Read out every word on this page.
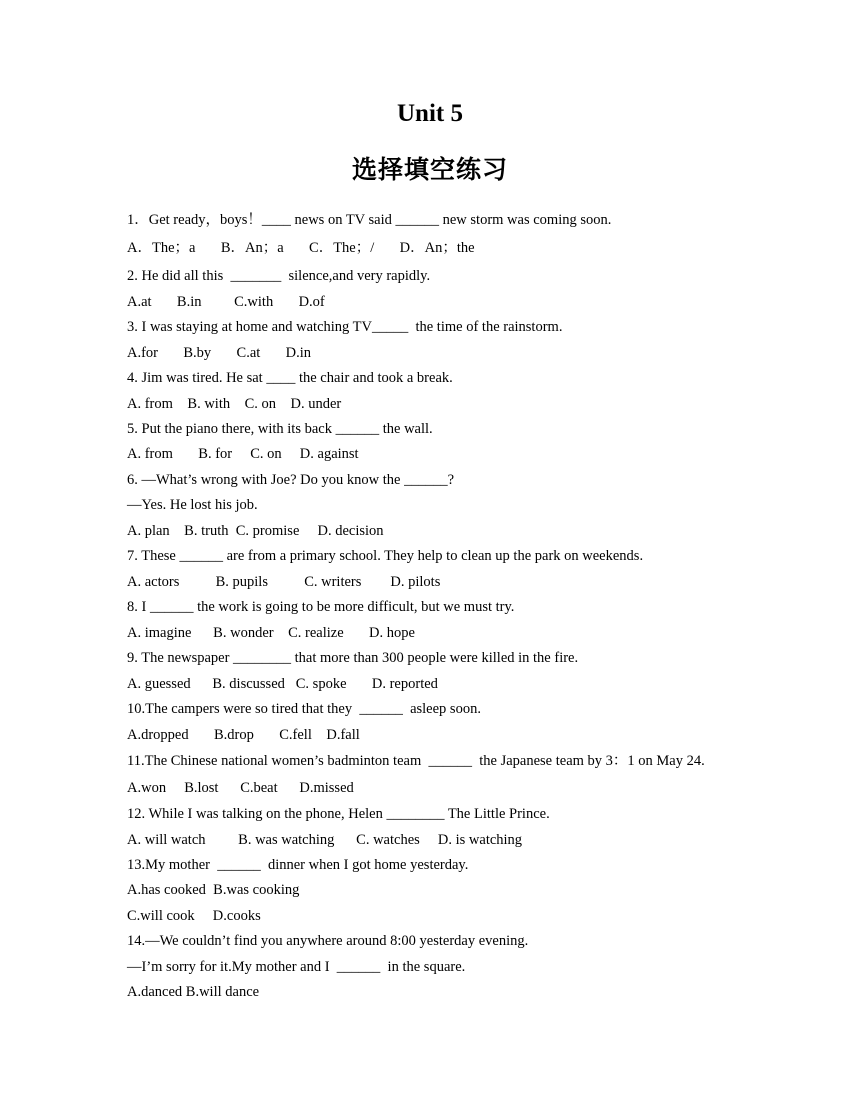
Unit 5
选择填空练习
1．Get ready，boys！____ news on TV said ______ new storm was coming soon.
A．The；a       B．An；a       C．The；/       D．An；the
2. He did all this  _______  silence,and very rapidly.
A.at       B.in         C.with       D.of
3. I was staying at home and watching TV_____  the time of the rainstorm.
A.for       B.by       C.at       D.in
4. Jim was tired. He sat ____ the chair and took a break.
A. from    B. with    C. on    D. under
5. Put the piano there, with its back ______ the wall.
A. from       B. for     C. on     D. against
6. —What’s wrong with Joe? Do you know the ______?
—Yes. He lost his job.
A. plan    B. truth  C. promise     D. decision
7. These ______ are from a primary school. They help to clean up the park on weekends.
A. actors          B. pupils          C. writers        D. pilots
8. I ______ the work is going to be more difficult, but we must try.
A. imagine      B. wonder    C. realize       D. hope
9. The newspaper ________ that more than 300 people were killed in the fire.
A. guessed      B. discussed   C. spoke       D. reported
10.The campers were so tired that they  ______  asleep soon.
A.dropped       B.drop       C.fell    D.fall
11.The Chinese national women’s badminton team  ______  the Japanese team by 3：1 on May 24.
A.won     B.lost      C.beat      D.missed
12. While I was talking on the phone, Helen ________ The Little Prince.
A. will watch         B. was watching      C. watches     D. is watching
13.My mother  ______  dinner when I got home yesterday.
A.has cooked  B.was cooking
C.will cook     D.cooks
14.—We couldn’t find you anywhere around 8:00 yesterday evening.
—I’m sorry for it.My mother and I  ______  in the square.
A.danced B.will dance
